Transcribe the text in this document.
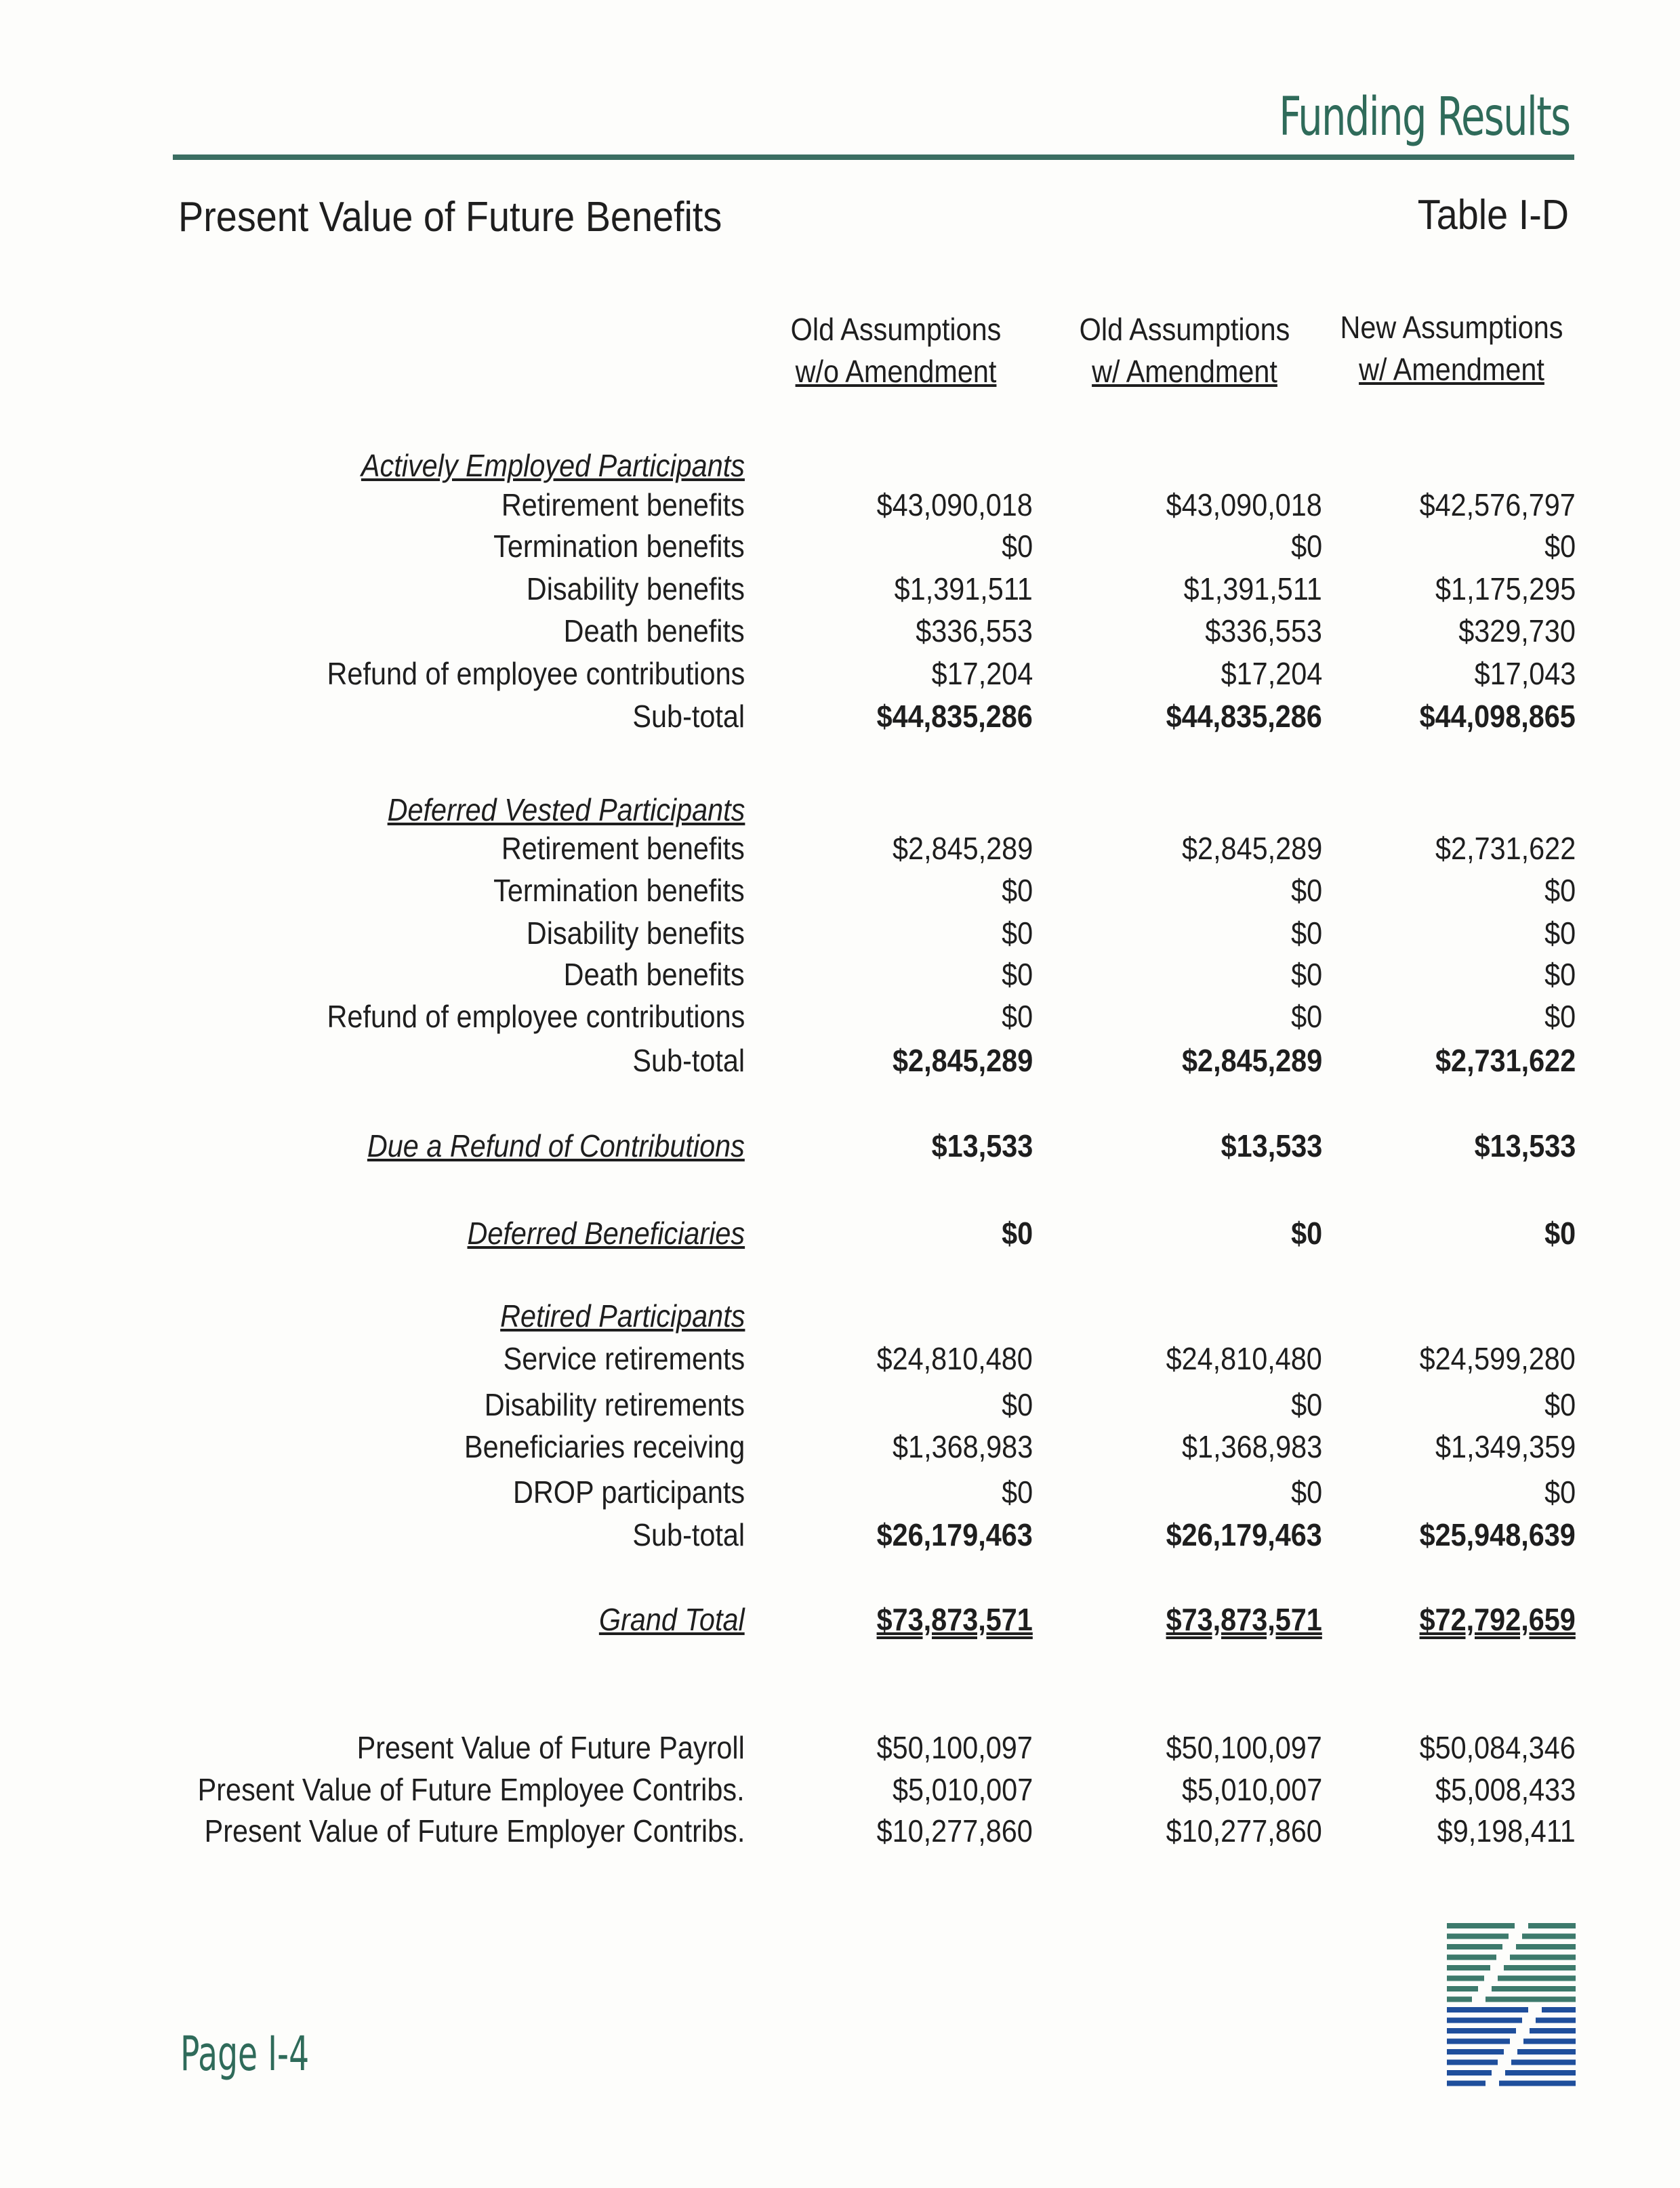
Funding Results
Present Value of Future Benefits	Table I-D
Old Assumptions
w/o Amendment
Old Assumptions
w/ Amendment
New Assumptions
w/ Amendment
Actively Employed Participants
Retirement benefits	$43,090,018	$43,090,018	$42,576,797
Termination benefits	$0	$0	$0
Disability benefits	$1,391,511	$1,391,511	$1,175,295
Death benefits	$336,553	$336,553	$329,730
Refund of employee contributions	$17,204	$17,204	$17,043
Sub-total	$44,835,286	$44,835,286	$44,098,865
Deferred Vested Participants
Retirement benefits	$2,845,289	$2,845,289	$2,731,622
Termination benefits	$0	$0	$0
Disability benefits	$0	$0	$0
Death benefits	$0	$0	$0
Refund of employee contributions	$0	$0	$0
Sub-total	$2,845,289	$2,845,289	$2,731,622
Due a Refund of Contributions	$13,533	$13,533	$13,533
Deferred Beneficiaries	$0	$0	$0
Retired Participants
Service retirements	$24,810,480	$24,810,480	$24,599,280
Disability retirements	$0	$0	$0
Beneficiaries receiving	$1,368,983	$1,368,983	$1,349,359
DROP participants	$0	$0	$0
Sub-total	$26,179,463	$26,179,463	$25,948,639
Grand Total	$73,873,571	$73,873,571	$72,792,659
Present Value of Future Payroll	$50,100,097	$50,100,097	$50,084,346
Present Value of Future Employee Contribs.	$5,010,007	$5,010,007	$5,008,433
Present Value of Future Employer Contribs.	$10,277,860	$10,277,860	$9,198,411
Page I-4
